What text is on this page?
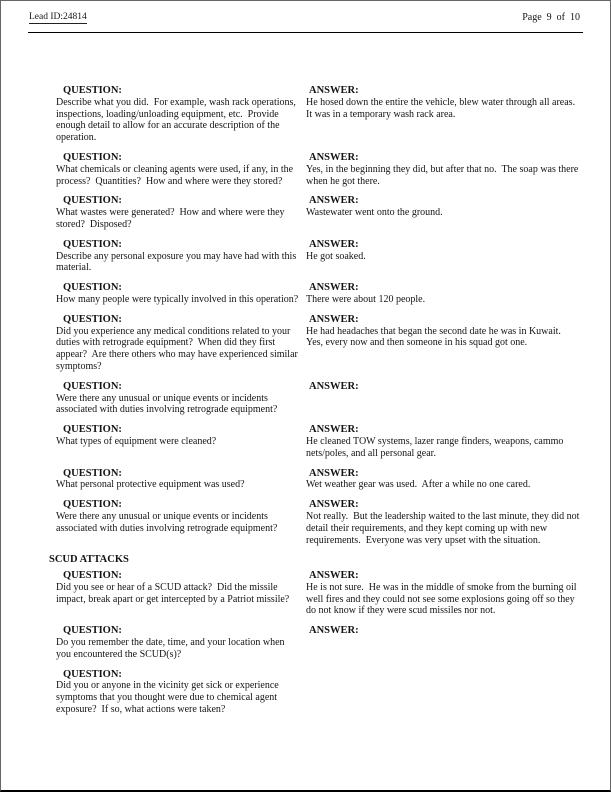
Lead ID:24814	Page  9  of  10
QUESTION:
Describe what you did.  For example, wash rack operations, inspections, loading/unloading equipment, etc.  Provide enough detail to allow for an accurate description of the operation.
ANSWER:
He hosed down the entire the vehicle, blew water through all areas.  It was in a temporary wash rack area.
QUESTION:
What chemicals or cleaning agents were used, if any, in the process?  Quantities?  How and where were they stored?
ANSWER:
Yes, in the beginning they did, but after that no.  The soap was there when he got there.
QUESTION:
What wastes were generated?  How and where were they stored?  Disposed?
ANSWER:
Wastewater went onto the ground.
QUESTION:
Describe any personal exposure you may have had with this material.
ANSWER:
He got soaked.
QUESTION:
How many people were typically involved in this operation?
ANSWER:
There were about 120 people.
QUESTION:
Did you experience any medical conditions related to your duties with retrograde equipment?  When did they first appear?  Are there others who may have experienced similar symptoms?
ANSWER:
He had headaches that began the second date he was in Kuwait.  Yes, every now and then someone in his squad got one.
QUESTION:
Were there any unusual or unique events or incidents associated with duties involving retrograde equipment?
ANSWER:
QUESTION:
What types of equipment were cleaned?
ANSWER:
He cleaned TOW systems, lazer range finders, weapons, cammo nets/poles, and all personal gear.
QUESTION:
What personal protective equipment was used?
ANSWER:
Wet weather gear was used.  After a while no one cared.
QUESTION:
Were there any unusual or unique events or incidents associated with duties involving retrograde equipment?
ANSWER:
Not really.  But the leadership waited to the last minute, they did not detail their requirements, and they kept coming up with new requirements.  Everyone was very upset with the situation.
SCUD ATTACKS
QUESTION:
Did you see or hear of a SCUD attack?  Did the missile impact, break apart or get intercepted by a Patriot missile?
ANSWER:
He is not sure.  He was in the middle of smoke from the burning oil well fires and they could not see some explosions going off so they do not know if they were scud missiles nor not.
QUESTION:
Do you remember the date, time, and your location when you encountered the SCUD(s)?
ANSWER:
QUESTION:
Did you or anyone in the vicinity get sick or experience symptoms that you thought were due to chemical agent exposure?  If so, what actions were taken?
